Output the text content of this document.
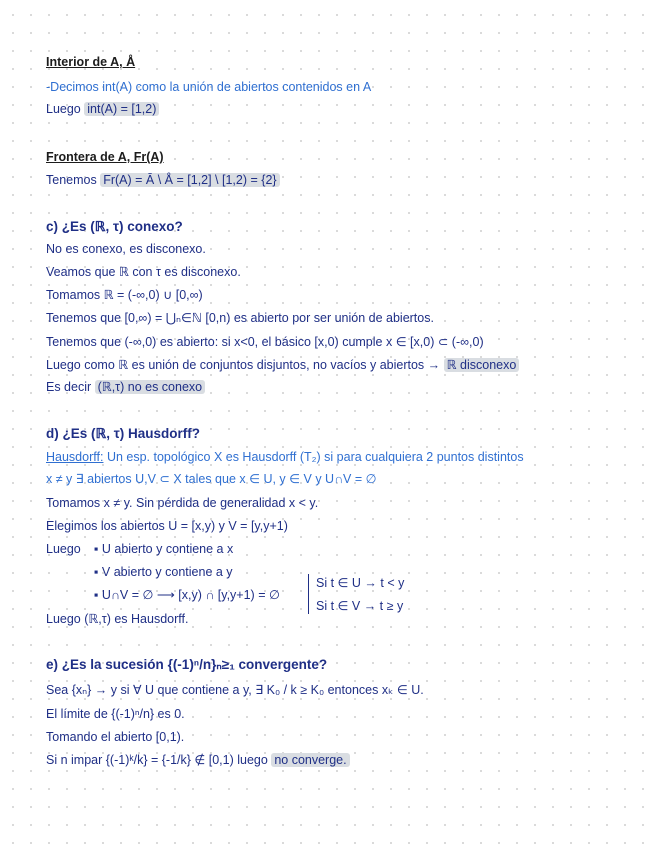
Interior de A, Å
-Decimos int(A) como la unión de abiertos contenidos en A
Luego int(A) = [1,2)
Frontera de A, Fr(A)
Tenemos Fr(A) = Ā \ Å = [1,2] \ [1,2) = {2}
c) ¿Es (ℝ, τ) conexo?
No es conexo, es disconexo.
Veamos que ℝ con τ es disconexo.
Tomamos ℝ = (-∞,0) ∪ [0,∞)
Tenemos que [0,∞) = ⋃ₙ∈ℕ [0,n) es abierto por ser unión de abiertos.
Tenemos que (-∞,0) es abierto: si x<0, el básico [x,0) cumple x ∈ [x,0) ⊂ (-∞,0)
Luego como ℝ es unión de conjuntos disjuntos, no vacíos y abiertos → ℝ disconexo
Es decir (ℝ,τ) no es conexo
d) ¿Es (ℝ, τ) Hausdorff?
Hausdorff: Un esp. topológico X es Hausdorff (T₂) si para cualquiera 2 puntos distintos
x ≠ y ∃ abiertos U,V ⊂ X tales que x ∈ U, y ∈ V y U∩V = ∅
Tomamos x ≠ y. Sin pérdida de generalidad x < y.
Elegimos los abiertos U = [x,y) y V = [y,y+1)
Luego ▪ U abierto y contiene a x
▪ V abierto y contiene a y
▪ U∩V = ∅ ⟶ [x,y) ∩ [y,y+1) = ∅
Si t ∈ U → t < y
Si t ∈ V → t ≥ y
Luego (ℝ,τ) es Hausdorff.
e) ¿Es la sucesión {(-1)ⁿ/n}ₙ≥₁ convergente?
Sea {xₙ} → y si ∀ U que contiene a y, ∃ K₀ / k ≥ K₀ entonces xₖ ∈ U.
El límite de {(-1)ⁿ/n} es 0.
Tomando el abierto [0,1).
Si n impar {(-1)ᵏ/k} = {-1/k} ∉ [0,1) luego no converge.
